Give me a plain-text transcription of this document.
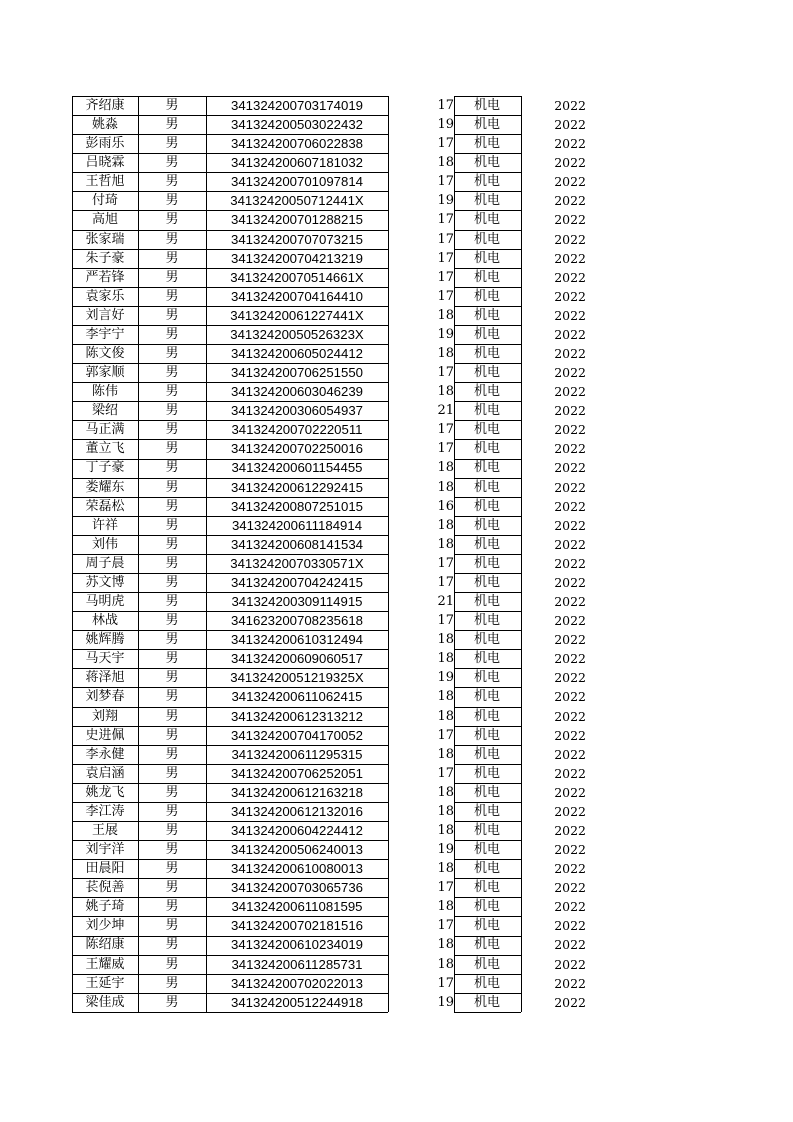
齐绍康	男	341324200703174019	17	机电	2022
姚淼	男	341324200503022432	19	机电	2022
彭雨乐	男	341324200706022838	17	机电	2022
吕晓霖	男	341324200607181032	18	机电	2022
王哲旭	男	341324200701097814	17	机电	2022
付琦	男	34132420050712441X	19	机电	2022
高旭	男	341324200701288215	17	机电	2022
张家瑞	男	341324200707073215	17	机电	2022
朱子豪	男	341324200704213219	17	机电	2022
严若锋	男	34132420070514661X	17	机电	2022
袁家乐	男	341324200704164410	17	机电	2022
刘言好	男	34132420061227441X	18	机电	2022
李宇宁	男	34132420050526323X	19	机电	2022
陈文俊	男	341324200605024412	18	机电	2022
郭家顺	男	341324200706251550	17	机电	2022
陈伟	男	341324200603046239	18	机电	2022
梁绍	男	341324200306054937	21	机电	2022
马正满	男	341324200702220511	17	机电	2022
董立飞	男	341324200702250016	17	机电	2022
丁子豪	男	341324200601154455	18	机电	2022
娄耀东	男	341324200612292415	18	机电	2022
荣磊松	男	341324200807251015	16	机电	2022
许祥	男	341324200611184914	18	机电	2022
刘伟	男	341324200608141534	18	机电	2022
周子晨	男	34132420070330571X	17	机电	2022
苏文博	男	341324200704242415	17	机电	2022
马明虎	男	341324200309114915	21	机电	2022
林战	男	341623200708235618	17	机电	2022
姚辉腾	男	341324200610312494	18	机电	2022
马天宇	男	341324200609060517	18	机电	2022
蒋泽旭	男	34132420051219325X	19	机电	2022
刘梦春	男	341324200611062415	18	机电	2022
刘翔	男	341324200612313212	18	机电	2022
史进佩	男	341324200704170052	17	机电	2022
李永健	男	341324200611295315	18	机电	2022
袁启涵	男	341324200706252051	17	机电	2022
姚龙飞	男	341324200612163218	18	机电	2022
李江涛	男	341324200612132016	18	机电	2022
王展	男	341324200604224412	18	机电	2022
刘宇洋	男	341324200506240013	19	机电	2022
田晨阳	男	341324200610080013	18	机电	2022
苌倪善	男	341324200703065736	17	机电	2022
姚子琦	男	341324200611081595	18	机电	2022
刘少坤	男	341324200702181516	17	机电	2022
陈绍康	男	341324200610234019	18	机电	2022
王耀威	男	341324200611285731	18	机电	2022
王延宇	男	341324200702022013	17	机电	2022
梁佳成	男	341324200512244918	19	机电	2022
